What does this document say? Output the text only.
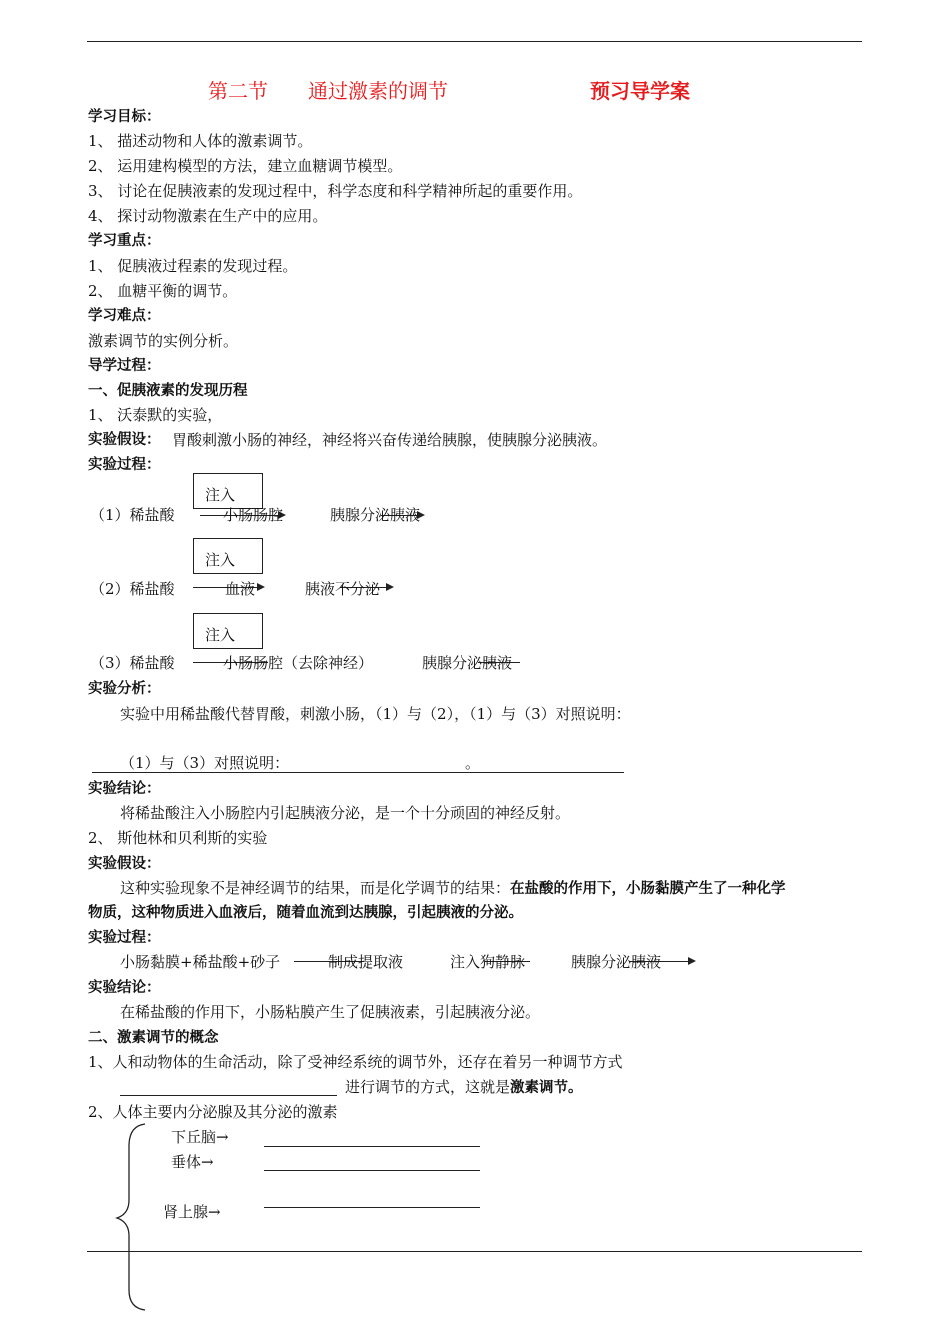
第二节 通过激素的调节	预习导学案
学习目标：
1、 描述动物和人体的激素调节。
2、 运用建构模型的方法，建立血糖调节模型。
3、 讨论在促胰液素的发现过程中，科学态度和科学精神所起的重要作用。
4、 探讨动物激素在生产中的应用。
学习重点：
1、 促胰液过程素的发现过程。
2、 血糖平衡的调节。
学习难点：
激素调节的实例分析。
导学过程：
一、促胰液素的发现历程
1、 沃泰默的实验，
实验假设： 胃酸刺激小肠的神经，神经将兴奋传递给胰腺，使胰腺分泌胰液。
实验过程：
注入
（1）稀盐酸	小肠肠腔	胰腺分泌胰液
注入
（2）稀盐酸	血液	胰液不分泌
注入
（3）稀盐酸	小肠肠腔（去除神经）	胰腺分泌胰液
实验分析：
实验中用稀盐酸代替胃酸，刺激小肠，（1）与（2），（1）与（3）对照说明：
（1）与（3）对照说明：	。
实验结论：
将稀盐酸注入小肠腔内引起胰液分泌，是一个十分顽固的神经反射。
2、 斯他林和贝利斯的实验
实验假设：
这种实验现象不是神经调节的结果，而是化学调节的结果：在盐酸的作用下，小肠黏膜产生了一种化学
物质，这种物质进入血液后，随着血流到达胰腺，引起胰液的分泌。
实验过程：
小肠黏膜+稀盐酸+砂子	制成提取液	注入狗静脉	胰腺分泌胰液
实验结论：
在稀盐酸的作用下，小肠粘膜产生了促胰液素，引起胰液分泌。
二、激素调节的概念
1、人和动物体的生命活动，除了受神经系统的调节外，还存在着另一种调节方式
进行调节的方式，这就是激素调节。
2、人体主要内分泌腺及其分泌的激素
下丘脑→
垂体→
肾上腺→
